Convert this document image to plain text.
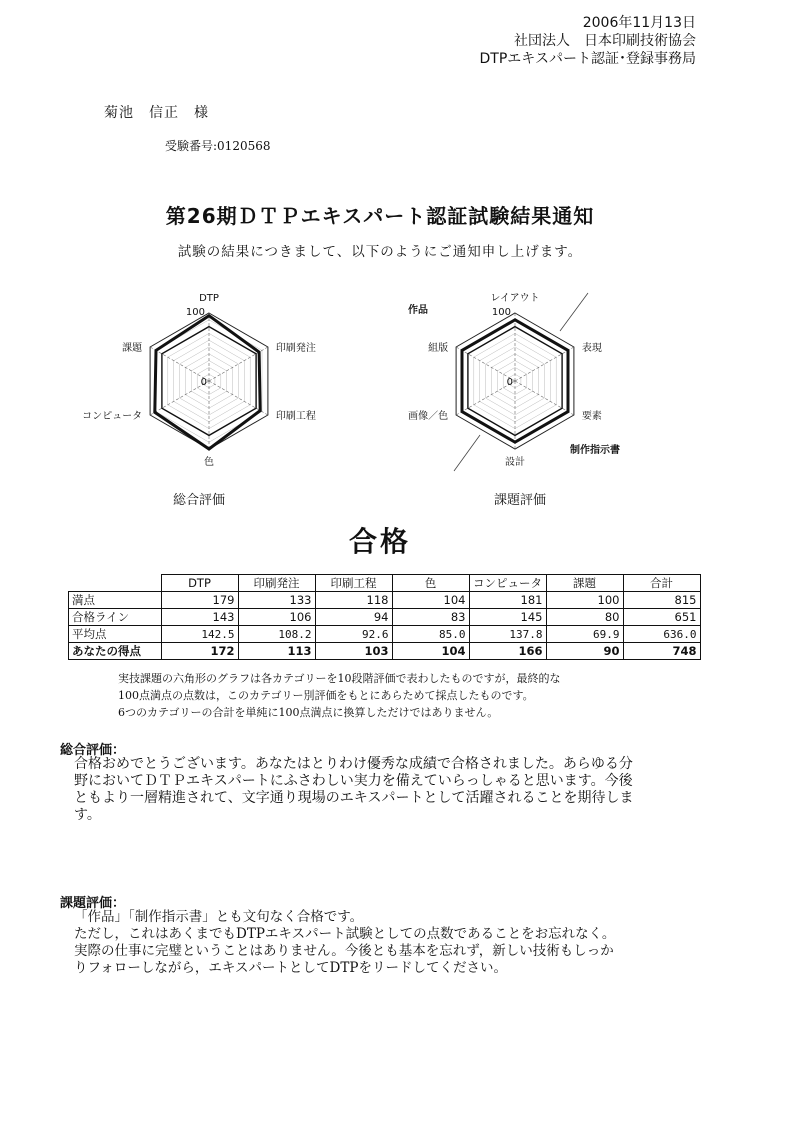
2006年11月13日
社団法人　日本印刷技術協会
DTPエキスパート認証･登録事務局
菊池　信正　様
受験番号:0120568
第26期ＤＴＰエキスパート認証試験結果通知
試験の結果につきまして、以下のようにご通知申し上げます。
DTP
印刷発注
印刷工程
色
コンピュータ
課題
100
0
レイアウト
表現
要素
設計
画像／色
組版
100
0
作品
制作指示書
総合評価	課題評価
合格
	DTP	印刷発注	印刷工程	色	コンピュータ	課題	合計
満点	179	133	118	104	181	100	815
合格ライン	143	106	94	83	145	80	651
平均点	142.5	108.2	92.6	85.0	137.8	69.9	636.0
あなたの得点	172	113	103	104	166	90	748
実技課題の六角形のグラフは各カテゴリーを10段階評価で表わしたものですが，最終的な
100点満点の点数は，このカテゴリー別評価をもとにあらためて採点したものです。
6つのカテゴリーの合計を単純に100点満点に換算しただけではありません。
総合評価：

合格おめでとうございます。あなたはとりわけ優秀な成績で合格されました。あらゆる分

野においてＤＴＰエキスパートにふさわしい実力を備えていらっしゃると思います。今後

ともより一層精進されて、文字通り現場のエキスパートとして活躍されることを期待しま

す。

課題評価：

「作品」「制作指示書」とも文句なく合格です。

ただし，これはあくまでもDTPエキスパート試験としての点数であることをお忘れなく。

実際の仕事に完璧ということはありません。今後とも基本を忘れず，新しい技術もしっか

りフォローしながら，エキスパートとしてDTPをリードしてください。
